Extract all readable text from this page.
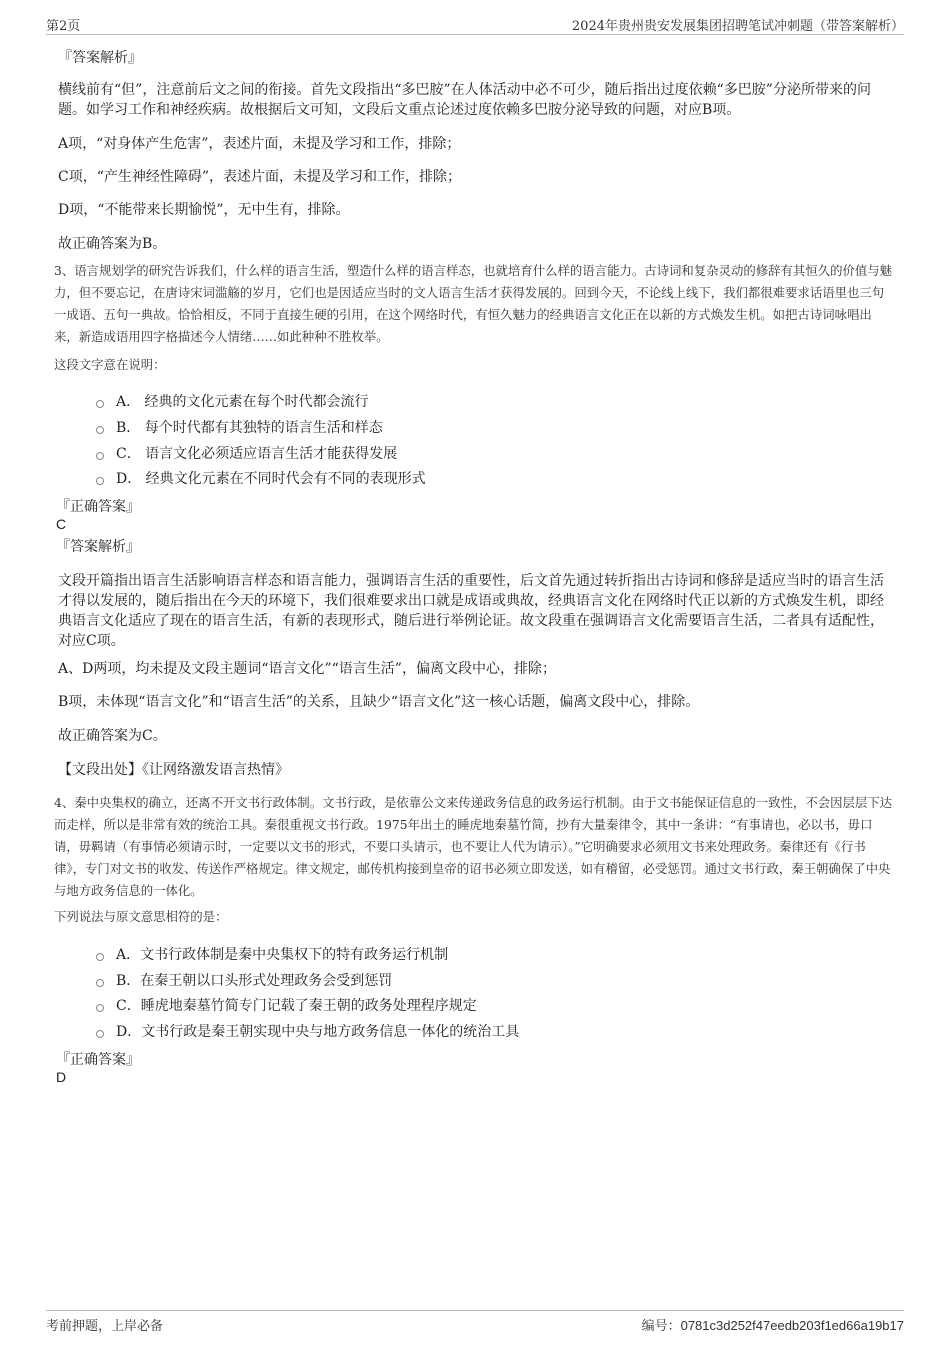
第2页	2024年贵州贵安发展集团招聘笔试冲刺题（带答案解析）
『答案解析』
横线前有“但”，注意前后文之间的衔接。首先文段指出“多巴胺”在人体活动中必不可少，随后指出过度依赖“多巴胺”分泌所带来的问题。如学习工作和神经疾病。故根据后文可知，文段后文重点论述过度依赖多巴胺分泌导致的问题，对应B项。
A项，“对身体产生危害”，表述片面，未提及学习和工作，排除；
C项，“产生神经性障碍”，表述片面，未提及学习和工作，排除；
D项，“不能带来长期愉悦”，无中生有，排除。
故正确答案为B。
3、语言规划学的研究告诉我们，什么样的语言生活，塑造什么样的语言样态，也就培育什么样的语言能力。古诗词和复杂灵动的修辞有其恒久的价值与魅力，但不要忘记，在唐诗宋词滥觞的岁月，它们也是因适应当时的文人语言生活才获得发展的。回到今天，不论线上线下，我们都很难要求话语里也三句一成语、五句一典故。恰恰相反，不同于直接生硬的引用，在这个网络时代，有恒久魅力的经典语言文化正在以新的方式焕发生机。如把古诗词咏唱出来，新造成语用四字格描述今人情绪……如此种种不胜枚举。
这段文字意在说明：
A． 经典的文化元素在每个时代都会流行
B． 每个时代都有其独特的语言生活和样态
C． 语言文化必须适应语言生活才能获得发展
D． 经典文化元素在不同时代会有不同的表现形式
『正确答案』
C
『答案解析』
文段开篇指出语言生活影响语言样态和语言能力，强调语言生活的重要性，后文首先通过转折指出古诗词和修辞是适应当时的语言生活才得以发展的，随后指出在今天的环境下，我们很难要求出口就是成语或典故，经典语言文化在网络时代正以新的方式焕发生机，即经典语言文化适应了现在的语言生活，有新的表现形式，随后进行举例论证。故文段重在强调语言文化需要语言生活，二者具有适配性，对应C项。
A、D两项，均未提及文段主题词“语言文化”“语言生活”，偏离文段中心，排除；
B项，未体现“语言文化”和“语言生活”的关系，且缺少“语言文化”这一核心话题，偏离文段中心，排除。
故正确答案为C。
【文段出处】《让网络激发语言热情》
4、秦中央集权的确立，还离不开文书行政体制。文书行政，是依靠公文来传递政务信息的政务运行机制。由于文书能保证信息的一致性，不会因层层下达而走样，所以是非常有效的统治工具。秦很重视文书行政。1975年出土的睡虎地秦墓竹简，抄有大量秦律令，其中一条讲：“有事请也，必以书，毋口请，毋羁请（有事情必须请示时，一定要以文书的形式，不要口头请示，也不要让人代为请示）。”它明确要求必须用文书来处理政务。秦律还有《行书律》，专门对文书的收发、传送作严格规定。律文规定，邮传机构接到皇帝的诏书必须立即发送，如有稽留，必受惩罚。通过文书行政，秦王朝确保了中央与地方政务信息的一体化。
下列说法与原文意思相符的是：
A．文书行政体制是秦中央集权下的特有政务运行机制
B．在秦王朝以口头形式处理政务会受到惩罚
C．睡虎地秦墓竹简专门记载了秦王朝的政务处理程序规定
D．文书行政是秦王朝实现中央与地方政务信息一体化的统治工具
『正确答案』
D
考前押题，上岸必备	编号：0781c3d252f47eedb203f1ed66a19b17
